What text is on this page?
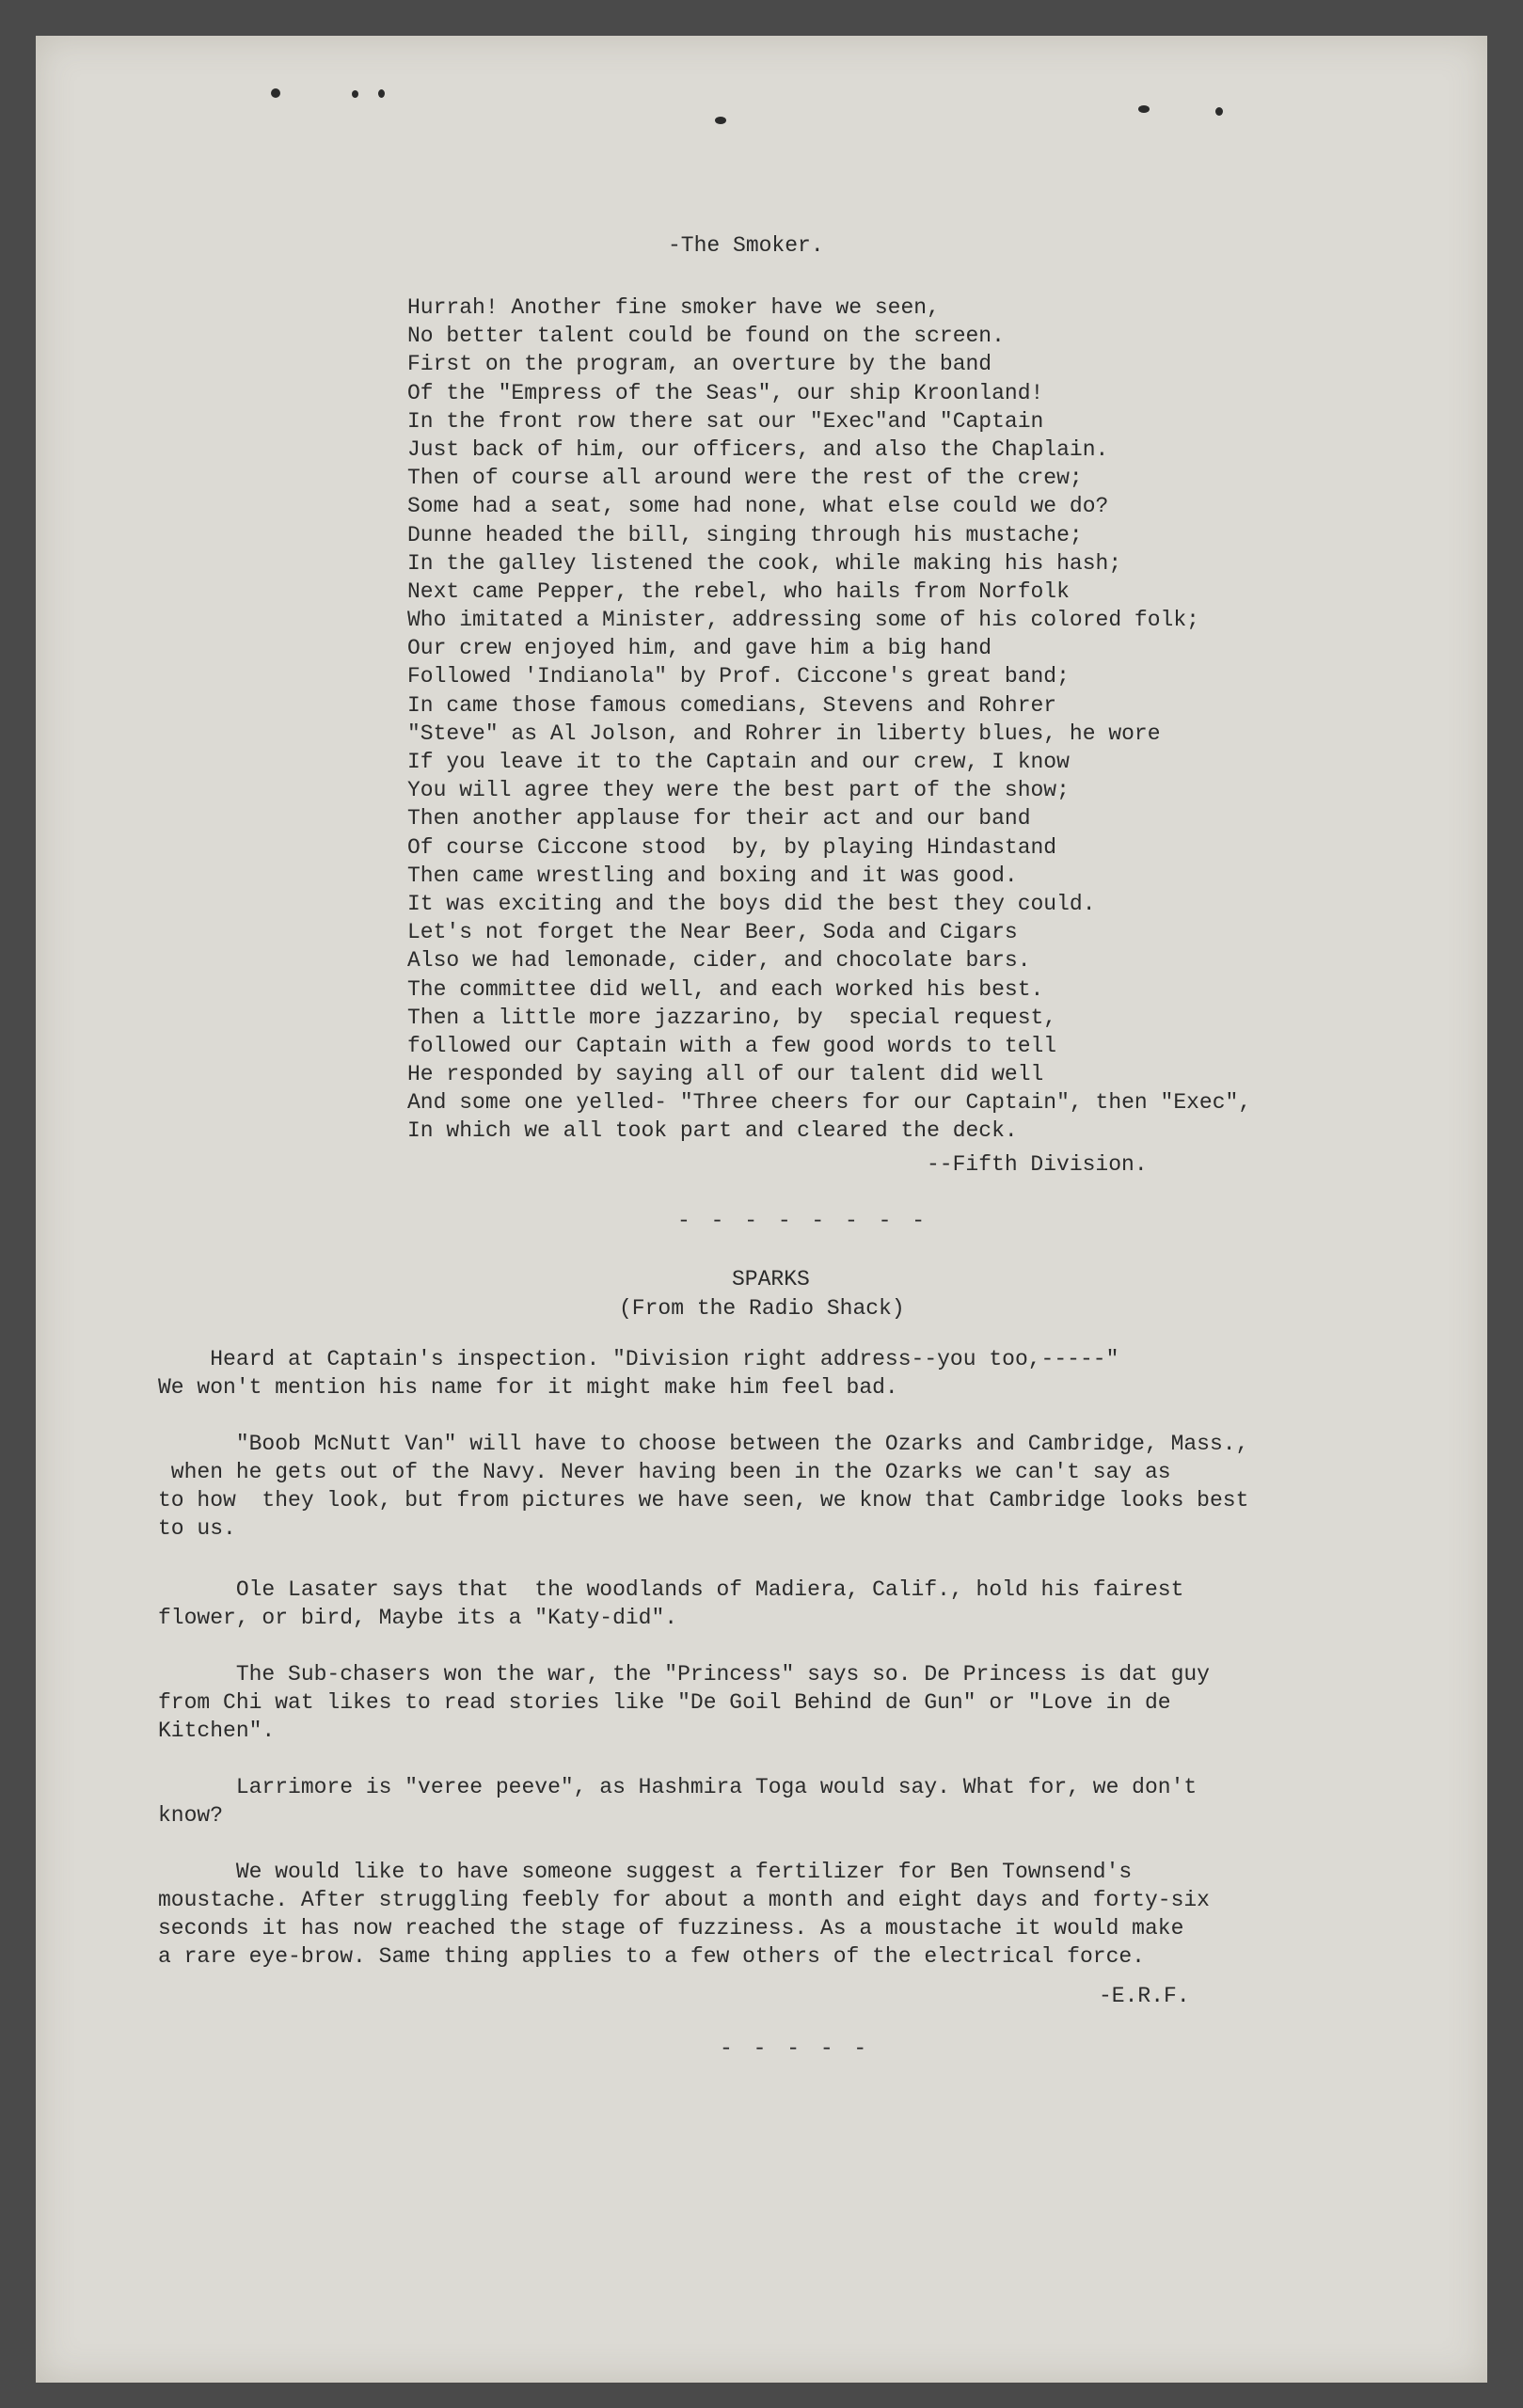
-The Smoker.
Hurrah! Another fine smoker have we seen,
No better talent could be found on the screen.
First on the program, an overture by the band
Of the "Empress of the Seas", our ship Kroonland!
In the front row there sat our "Exec"and "Captain
Just back of him, our officers, and also the Chaplain.
Then of course all around were the rest of the crew;
Some had a seat, some had none, what else could we do?
Dunne headed the bill, singing through his mustache;
In the galley listened the cook, while making his hash;
Next came Pepper, the rebel, who hails from Norfolk
Who imitated a Minister, addressing some of his colored folk;
Our crew enjoyed him, and gave him a big hand
Followed 'Indianola" by Prof. Ciccone's great band;
In came those famous comedians, Stevens and Rohrer
"Steve" as Al Jolson, and Rohrer in liberty blues, he wore
If you leave it to the Captain and our crew, I know
You will agree they were the best part of the show;
Then another applause for their act and our band
Of course Ciccone stood  by, by playing Hindastand
Then came wrestling and boxing and it was good.
It was exciting and the boys did the best they could.
Let's not forget the Near Beer, Soda and Cigars
Also we had lemonade, cider, and chocolate bars.
The committee did well, and each worked his best.
Then a little more jazzarino, by  special request,
followed our Captain with a few good words to tell
He responded by saying all of our talent did well
And some one yelled- "Three cheers for our Captain", then "Exec",
In which we all took part and cleared the deck.
--Fifth Division.
- - - - - - - -
SPARKS
(From the Radio Shack)
Heard at Captain's inspection. "Division right address--you too,-----"
We won't mention his name for it might make him feel bad.
"Boob McNutt Van" will have to choose between the Ozarks and Cambridge, Mass.,
when he gets out of the Navy. Never having been in the Ozarks we can't say as
to how  they look, but from pictures we have seen, we know that Cambridge looks best
to us.
Ole Lasater says that  the woodlands of Madiera, Calif., hold his fairest
flower, or bird, Maybe its a "Katy-did".
The Sub-chasers won the war, the "Princess" says so. De Princess is dat guy
from Chi wat likes to read stories like "De Goil Behind de Gun" or "Love in de
Kitchen".
Larrimore is "veree peeve", as Hashmira Toga would say. What for, we don't
know?
We would like to have someone suggest a fertilizer for Ben Townsend's
moustache. After struggling feebly for about a month and eight days and forty-six
seconds it has now reached the stage of fuzziness. As a moustache it would make
a rare eye-brow. Same thing applies to a few others of the electrical force.
-E.R.F.
- - - - -
